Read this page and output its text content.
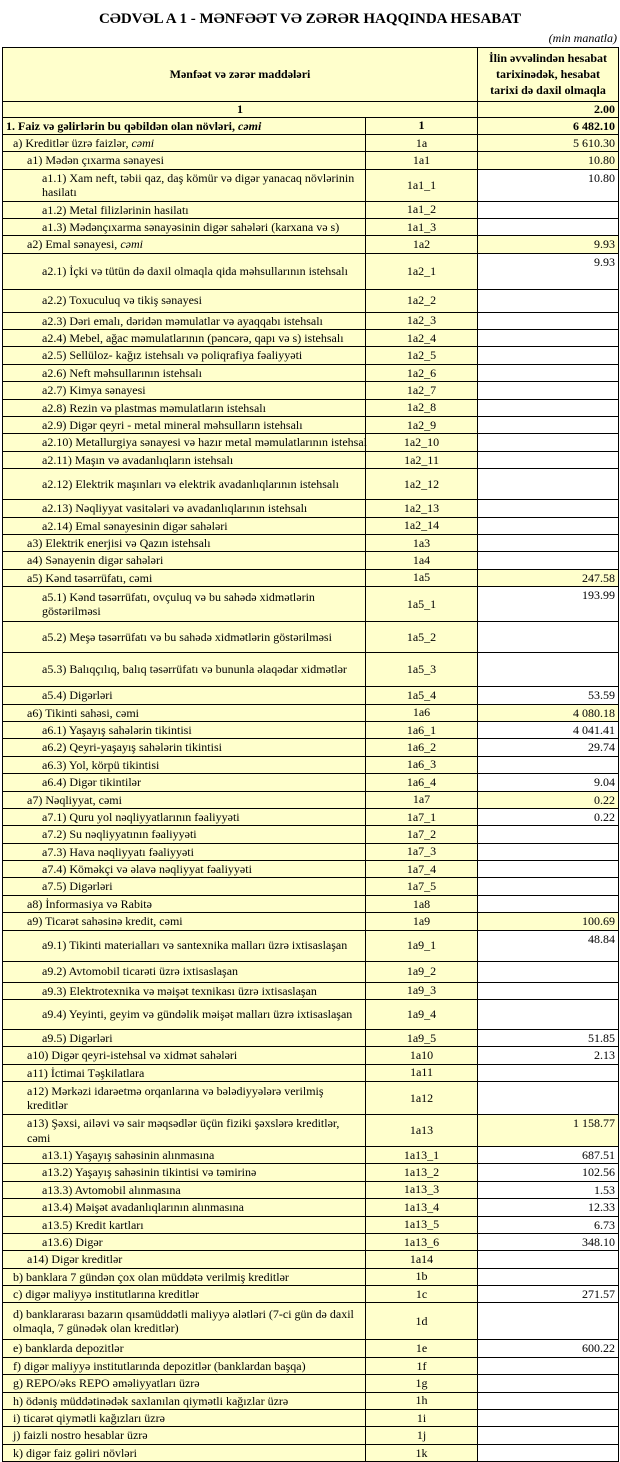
CƏDVƏL A 1 - MƏNFƏƏT VƏ ZƏRƏR HAQQINDA HESABAT
(min manatla)
Mənfəət və zərər maddələri		İlin əvvəlindən hesabat tarixinədək, hesabat tarixi də daxil olmaqla
1		2.00
1. Faiz və gəlirlərin bu qəbildən olan növləri, cəmi	1	6 482.10
a) Kreditlər üzrə faizlər, cəmi	1a	5 610.30
a1) Mədən çıxarma sənayesi	1a1	10.80
a1.1) Xam neft, təbii qaz, daş kömür və digər yanacaq növlərinin hasilatı	1a1_1	10.80
a1.2) Metal filizlərinin hasilatı	1a1_2	
a1.3) Mədənçıxarma sənayəsinin digər sahələri (karxana və s)	1a1_3	
a2) Emal sənayesi, cəmi	1a2	9.93
a2.1) İçki və tütün də daxil olmaqla qida məhsullarının istehsalı	1a2_1	9.93
a2.2) Toxuculuq və tikiş sənayesi	1a2_2	
a2.3) Dəri emalı, dəridən məmulatlar və ayaqqabı istehsalı	1a2_3	
a2.4) Mebel, ağac məmulatlarının (pəncərə, qapı və s) istehsalı	1a2_4	
a2.5) Sellüloz- kağız istehsalı və poliqrafiya fəaliyyəti	1a2_5	
a2.6) Neft məhsullarının istehsalı	1a2_6	
a2.7) Kimya sənayesi	1a2_7	
a2.8) Rezin və plastmas məmulatların istehsalı	1a2_8	
a2.9) Digər qeyri - metal mineral məhsulların istehsalı	1a2_9	
a2.10) Metallurgiya sənayesi və hazır metal məmulatlarının istehsal	1a2_10	
a2.11) Maşın və avadanlıqların istehsalı	1a2_11	
a2.12) Elektrik maşınları və elektrik avadanlıqlarının istehsalı	1a2_12	
a2.13) Nəqliyyat vasitələri və avadanlıqlarının istehsalı	1a2_13	
a2.14) Emal sənayesinin digər sahələri	1a2_14	
a3) Elektrik enerjisi və Qazın istehsalı	1a3	
a4) Sənayenin digər sahələri	1a4	
a5) Kənd təsərrüfatı, cəmi	1a5	247.58
a5.1) Kənd təsərrüfatı, ovçuluq və bu sahədə xidmətlərin göstərilməsi	1a5_1	193.99
a5.2) Meşə təsərrüfatı və bu sahədə xidmətlərin göstərilməsi	1a5_2	
a5.3) Balıqçılıq, balıq təsərrüfatı və bununla əlaqədar xidmətlər	1a5_3	
a5.4) Digərləri	1a5_4	53.59
a6) Tikinti sahəsi, cəmi	1a6	4 080.18
a6.1) Yaşayış sahələrin tikintisi	1a6_1	4 041.41
a6.2) Qeyri-yaşayış sahələrin tikintisi	1a6_2	29.74
a6.3) Yol, körpü tikintisi	1a6_3	
a6.4) Digər tikintilər	1a6_4	9.04
a7) Nəqliyyat, cəmi	1a7	0.22
a7.1) Quru yol nəqliyyatlarının fəaliyyəti	1a7_1	0.22
a7.2) Su nəqliyyatının fəaliyyəti	1a7_2	
a7.3) Hava nəqliyyatı fəaliyyəti	1a7_3	
a7.4) Köməkçi və əlavə nəqliyyat fəaliyyəti	1a7_4	
a7.5) Digərləri	1a7_5	
a8) İnformasiya və Rabitə	1a8	
a9) Ticarət sahəsinə kredit, cəmi	1a9	100.69
a9.1) Tikinti materialları və santexnika malları üzrə ixtisaslaşan	1a9_1	48.84
a9.2) Avtomobil ticarəti üzrə ixtisaslaşan	1a9_2	
a9.3) Elektrotexnika və məişət texnikası üzrə ixtisaslaşan	1a9_3	
a9.4) Yeyinti, geyim və gündəlik məişət malları üzrə ixtisaslaşan	1a9_4	
a9.5) Digərləri	1a9_5	51.85
a10) Digər qeyri-istehsal və xidmət sahələri	1a10	2.13
a11) İctimai Təşkilatlara	1a11	
a12) Mərkəzi idarəetmə orqanlarına və bələdiyyələrə verilmiş kreditlər	1a12	
a13) Şəxsi, ailəvi və sair məqsədlər üçün fiziki şəxslərə kreditlər, cəmi	1a13	1 158.77
a13.1) Yaşayış sahəsinin alınmasına	1a13_1	687.51
a13.2) Yaşayış sahəsinin tikintisi və təmirinə	1a13_2	102.56
a13.3) Avtomobil alınmasına	1a13_3	1.53
a13.4) Məişət avadanlıqlarının alınmasına	1a13_4	12.33
a13.5) Kredit kartları	1a13_5	6.73
a13.6) Digər	1a13_6	348.10
a14) Digər kreditlər	1a14	
b) banklara 7 gündən çox olan müddətə verilmiş kreditlər	1b	
c) digər maliyyə institutlarına kreditlər	1c	271.57
d) banklararası bazarın qısamüddətli maliyyə alətləri (7-ci gün də daxil olmaqla, 7 günədək olan kreditlər)	1d	
e) banklarda depozitlər	1e	600.22
f) digər maliyyə institutlarında depozitlər (banklardan başqa)	1f	
g) REPO/əks REPO əməliyyatları üzrə	1g	
h) ödəniş müddətinədək saxlanılan qiymətli kağızlar üzrə	1h	
i) ticarət qiymətli kağızları üzrə	1i	
j) faizli nostro hesablar üzrə	1j	
k) digər faiz gəliri növləri	1k	
